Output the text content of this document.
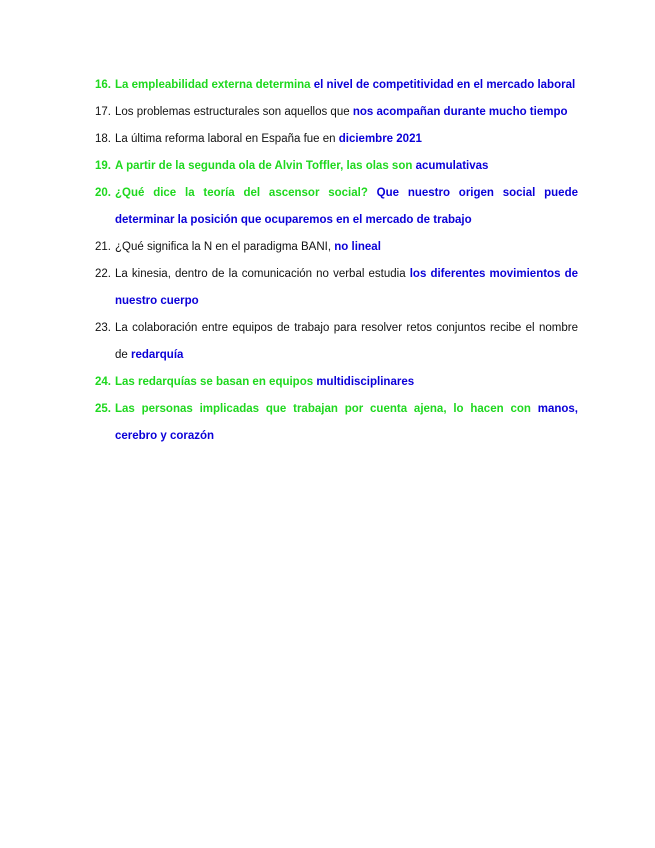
16. La empleabilidad externa determina el nivel de competitividad en el mercado laboral
17. Los problemas estructurales son aquellos que nos acompañan durante mucho tiempo
18. La última reforma laboral en España fue en diciembre 2021
19. A partir de la segunda ola de Alvin Toffler, las olas son acumulativas
20. ¿Qué dice la teoría del ascensor social? Que nuestro origen social puede determinar la posición que ocuparemos en el mercado de trabajo
21. ¿Qué significa la N en el paradigma BANI, no lineal
22. La kinesia, dentro de la comunicación no verbal estudia los diferentes movimientos de nuestro cuerpo
23. La colaboración entre equipos de trabajo para resolver retos conjuntos recibe el nombre de redarquía
24. Las redarquías se basan en equipos multidisciplinares
25. Las personas implicadas que trabajan por cuenta ajena, lo hacen con manos, cerebro y corazón
